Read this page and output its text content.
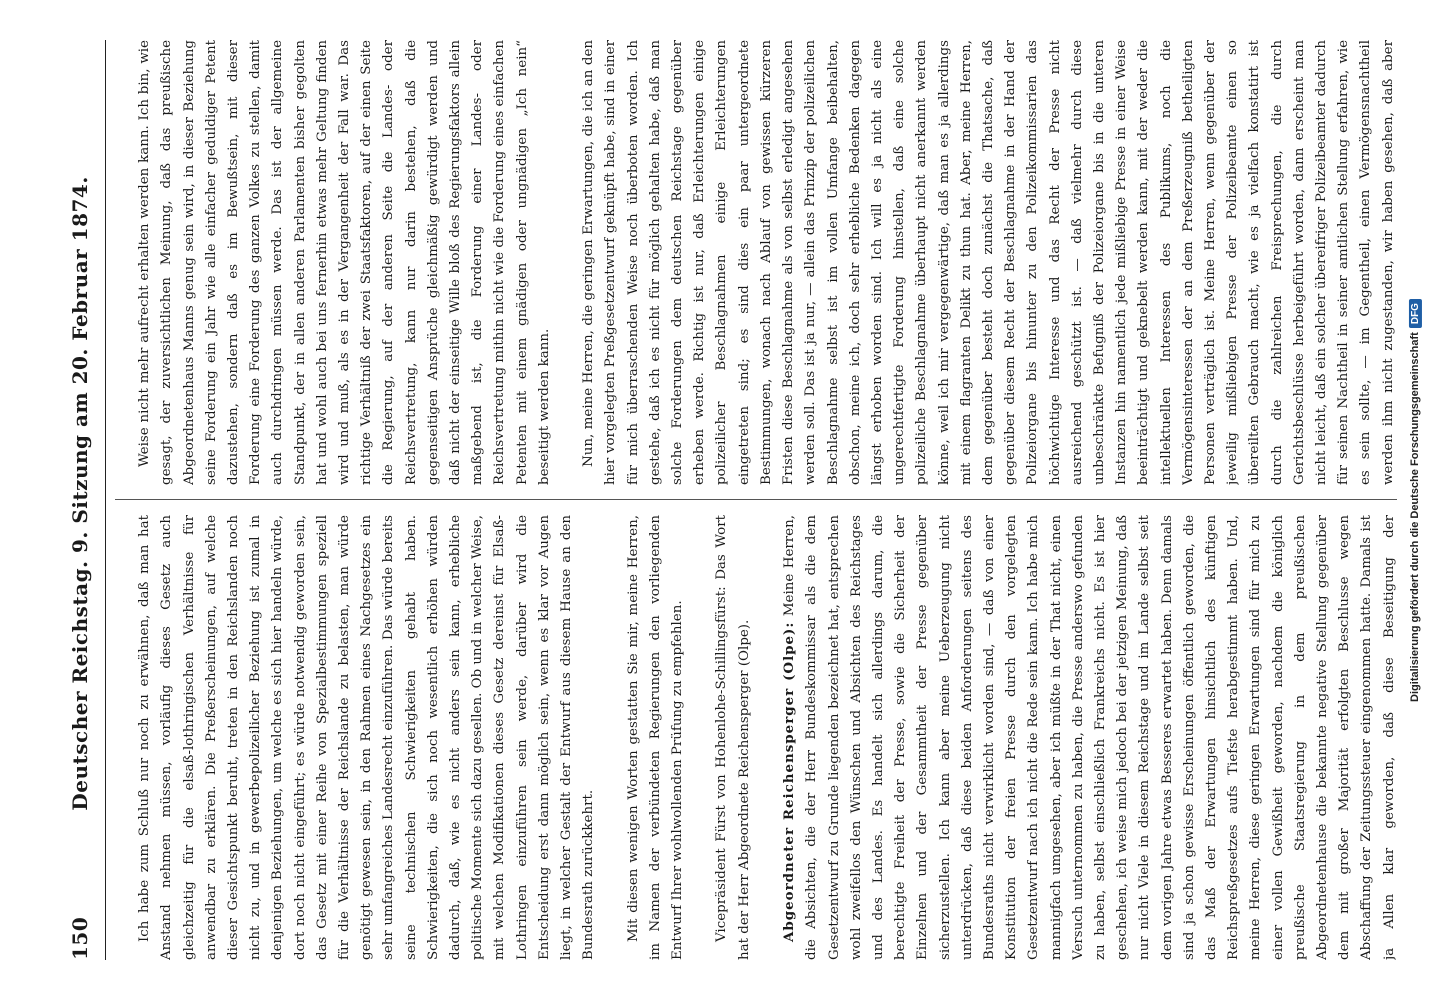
150
Deutscher Reichstag. 9. Sitzung am 20. Februar 1874.	Ich habe zum Schluß nur noch zu erwähnen, daß man hat Anstand nehmen müssen, vorläufig dieses Gesetz auch gleichzeitig für die elsaß-lothringischen Verhältnisse für anwendbar zu erklären. Die Preßerscheinungen, auf welche dieser Gesichtspunkt beruht, treten in den Reichslanden noch nicht zu, und in gewerbepolizeilicher Beziehung ist zumal in denjenigen Beziehungen, um welche es sich hier handeln würde, dort noch nicht eingeführt; es würde notwendig geworden sein, das Gesetz mit einer Reihe von Spezialbestimmungen speziell für die Verhältnisse der Reichslande zu belasten, man würde genötigt gewesen sein, in den Rahmen eines Nachgesetzes ein sehr umfangreiches Landesrecht einzuführen. Das würde bereits seine technischen Schwierigkeiten gehabt haben. Schwierigkeiten, die sich noch wesentlich erhöhen würden dadurch, daß, wie es nicht anders sein kann, erhebliche politische Momente sich dazu gesellen. Ob und in welcher Weise, mit welchen Modifikationen dieses Gesetz dereinst für Elsaß-Lothringen einzuführen sein werde, darüber wird die Entscheidung erst dann möglich sein, wenn es klar vor Augen liegt, in welcher Gestalt der Entwurf aus diesem Hause an den Bundesrath zurückkehrt.	Mit diesen wenigen Worten gestatten Sie mir, meine Herren, im Namen der verbündeten Regierungen den vorliegenden Entwurf Ihrer wohlwollenden Prüfung zu empfehlen.	Vicepräsident Fürst von Hohenlohe-Schillingsfürst: Das Wort hat der Herr Abgeordnete Reichensperger (Olpe).	Abgeordneter Reichensperger (Olpe): Meine Herren, die Absichten, die der Herr Bundeskommissar als die dem Gesetzentwurf zu Grunde liegenden bezeichnet hat, entsprechen wohl zweifellos den Wünschen und Absichten des Reichstages und des Landes. Es handelt sich allerdings darum, die berechtigte Freiheit der Presse, sowie die Sicherheit der Einzelnen und der Gesammtheit der Presse gegenüber sicherzustellen. Ich kann aber meine Ueberzeugung nicht unterdrücken, daß diese beiden Anforderungen seitens des Bundesraths nicht verwirklicht worden sind, — daß von einer Konstitution der freien Presse durch den vorgelegten Gesetzentwurf nach ich nicht die Rede sein kann. Ich habe mich mannigfach umgesehen, aber ich müßte in der That nicht, einen Versuch unternommen zu haben, die Presse anderswo gefunden zu haben, selbst einschließlich Frankreichs nicht. Es ist hier geschehen, ich weise mich jedoch bei der jetzigen Meinung, daß nur nicht Viele in diesem Reichstage und im Lande selbst seit dem vorigen Jahre etwas Besseres erwartet haben. Denn damals sind ja schon gewisse Erscheinungen öffentlich geworden, die das Maß der Erwartungen hinsichtlich des künftigen Reichspreßgesetzes aufs Tiefste herabgestimmt haben. Und, meine Herren, diese geringen Erwartungen sind für mich zu einer vollen Gewißheit geworden, nachdem die königlich preußische Staatsregierung in dem preußischen Abgeordnetenhause die bekannte negative Stellung gegenüber dem mit großer Majorität erfolgten Beschlusse wegen Abschaffung der Zeitungssteuer eingenommen hatte. Damals ist ja Allen klar geworden, daß diese Beseitigung der

Weise nicht mehr aufrecht erhalten werden kann. Ich bin, wie gesagt, der zuversichtlichen Meinung, daß das preußische Abgeordnetenhaus Manns genug sein wird, in dieser Beziehung seine Forderung ein Jahr wie alle einfacher geduldiger Petent dazustehen, sondern daß es im Bewußtsein, mit dieser Forderung eine Forderung des ganzen Volkes zu stellen, damit auch durchdringen müssen werde. Das ist der allgemeine Standpunkt, der in allen anderen Parlamenten bisher gegolten hat und wohl auch bei uns fernerhin etwas mehr Geltung finden wird und muß, als es in der Vergangenheit der Fall war. Das richtige Verhältniß der zwei Staatsfaktoren, auf der einen Seite die Regierung, auf der anderen Seite die Landes- oder Reichsvertretung, kann nur darin bestehen, daß die gegenseitigen Ansprüche gleichmäßig gewürdigt werden und daß nicht der einseitige Wille bloß des Regierungsfaktors allein maßgebend ist, die Forderung einer Landes- oder Reichsvertretung mithin nicht wie die Forderung eines einfachen Petenten mit einem gnädigen oder ungnädigen „Ich nein“ beseitigt werden kann.	Nun, meine Herren, die geringen Erwartungen, die ich an den hier vorgelegten Preßgesetzentwurf geknüpft habe, sind in einer für mich überraschenden Weise noch überboten worden. Ich gestehe, daß ich es nicht für möglich gehalten habe, daß man solche Forderungen dem deutschen Reichstage gegenüber erheben werde. Richtig ist nur, daß Erleichterungen einige polizeilicher Beschlagnahmen einige Erleichterungen eingetreten sind; es sind dies ein paar untergeordnete Bestimmungen, wonach nach Ablauf von gewissen kürzeren Fristen diese Beschlagnahme als von selbst erledigt angesehen werden soll. Das ist ja nur, — allein das Prinzip der polizeilichen Beschlagnahme selbst ist im vollen Umfange beibehalten, obschon, meine ich, doch sehr erhebliche Bedenken dagegen längst erhoben worden sind. Ich will es ja nicht als eine ungerechtfertigte Forderung hinstellen, daß eine solche polizeiliche Beschlagnahme überhaupt nicht anerkannt werden könne, weil ich mir vergegenwärtige, daß man es ja allerdings mit einem flagranten Delikt zu thun hat. Aber, meine Herren, dem gegenüber besteht doch zunächst die Thatsache, daß gegenüber diesem Recht der Beschlagnahme in der Hand der Polizeiorgane bis hinunter zu den Polizeikommissarien das höchwichtige Interesse und das Recht der Presse nicht ausreichend geschützt ist. — daß vielmehr durch diese unbeschränkte Befugniß der Polizeiorgane bis in die unteren Instanzen hin namentlich jede mißliebige Presse in einer Weise beeinträchtigt und geknebelt werden kann, mit der weder die intellektuellen Interessen des Publikums, noch die Vermögensinteressen der an dem Preßerzeugniß betheiligten Personen verträglich ist. Meine Herren, wenn gegenüber der jeweilig mißliebigen Presse der Polizeibeamte einen so übereilten Gebrauch macht, wie es ja vielfach konstatirt ist durch die zahlreichen Freisprechungen, die durch Gerichtsbeschlüsse herbeigeführt worden, dann erscheint man nicht leicht, daß ein solcher übereifriger Polizeibeamter dadurch für seinen Nachtheil in seiner amtlichen Stellung erfahren, wie es sein sollte, — im Gegentheil, einen Vermögensnachtheil werden ihm nicht zugestanden, wir haben gesehen, daß aber

Digitalisierung gefördert durch die Deutsche ForschungsgemeinschaftDFG
